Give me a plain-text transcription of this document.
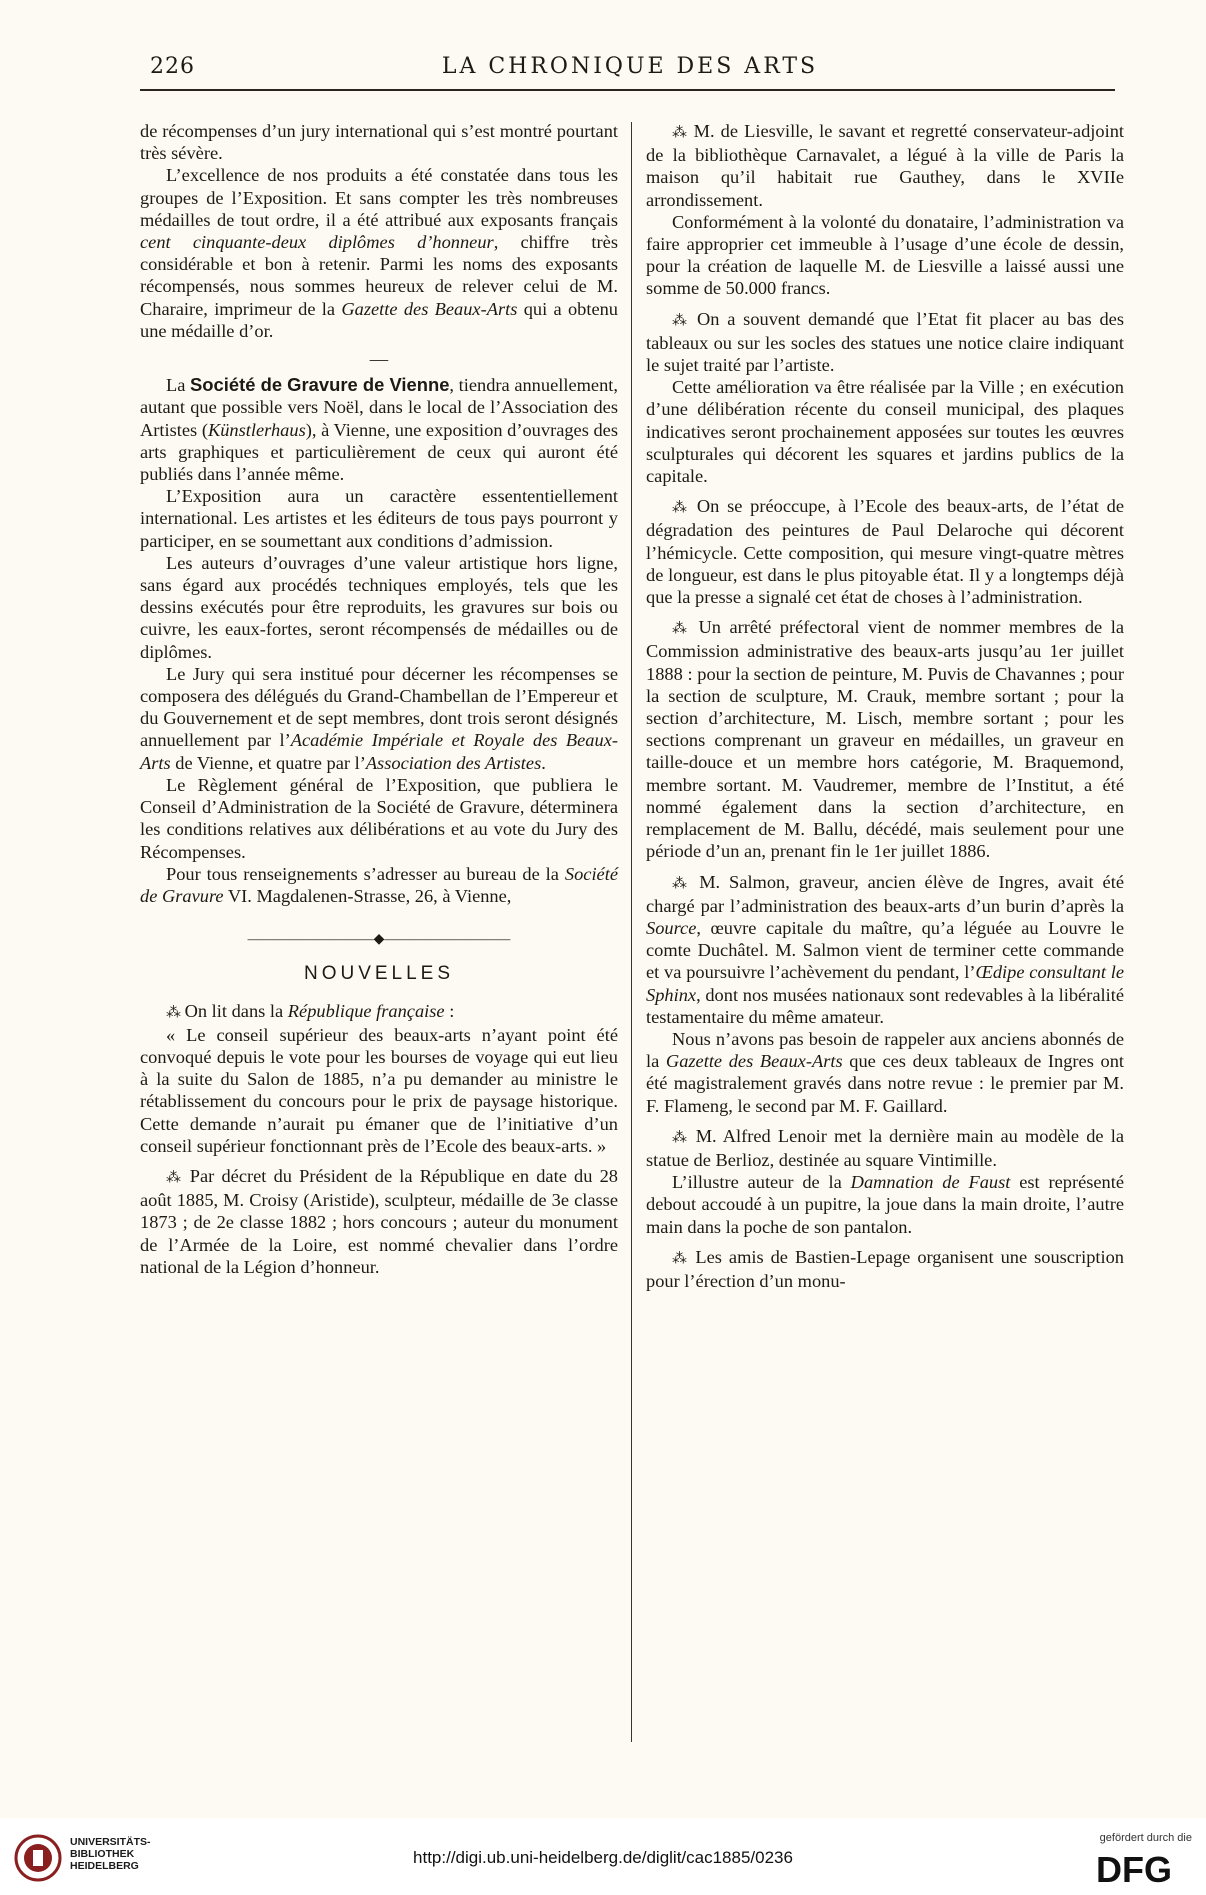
226	LA CHRONIQUE DES ARTS

de récompenses d’un jury international qui s’est montré pourtant très sévère.

L’excellence de nos produits a été constatée dans tous les groupes de l’Exposition. Et sans compter les très nombreuses médailles de tout ordre, il a été attribué aux exposants français cent cinquante-deux diplômes d’honneur, chiffre très considérable et bon à retenir. Parmi les noms des exposants récompensés, nous sommes heureux de relever celui de M. Charaire, imprimeur de la Gazette des Beaux-Arts qui a obtenu une médaille d’or.

—

La Société de Gravure de Vienne, tiendra annuellement, autant que possible vers Noël, dans le local de l’Association des Artistes (Künstlerhaus), à Vienne, une exposition d’ouvrages des arts graphiques et particulièrement de ceux qui auront été publiés dans l’année même.

L’Exposition aura un caractère essententiellement international. Les artistes et les éditeurs de tous pays pourront y participer, en se soumettant aux conditions d’admission.

Les auteurs d’ouvrages d’une valeur artistique hors ligne, sans égard aux procédés techniques employés, tels que les dessins exécutés pour être reproduits, les gravures sur bois ou cuivre, les eaux-fortes, seront récompensés de médailles ou de diplômes.

Le Jury qui sera institué pour décerner les récompenses se composera des délégués du Grand-Chambellan de l’Empereur et du Gouvernement et de sept membres, dont trois seront désignés annuellement par l’Académie Impériale et Royale des Beaux-Arts de Vienne, et quatre par l’Association des Artistes.

Le Règlement général de l’Exposition, que publiera le Conseil d’Administration de la Société de Gravure, déterminera les conditions relatives aux délibérations et au vote du Jury des Récompenses.

Pour tous renseignements s’adresser au bureau de la Société de Gravure VI. Magdalenen-Strasse, 26, à Vienne,

—————————◆—————————
NOUVELLES

⁂ On lit dans la République française :

« Le conseil supérieur des beaux-arts n’ayant point été convoqué depuis le vote pour les bourses de voyage qui eut lieu à la suite du Salon de 1885, n’a pu demander au ministre le rétablissement du concours pour le prix de paysage historique. Cette demande n’aurait pu émaner que de l’initiative d’un conseil supérieur fonctionnant près de l’Ecole des beaux-arts. »

⁂ Par décret du Président de la République en date du 28 août 1885, M. Croisy (Aristide), sculpteur, médaille de 3e classe 1873 ; de 2e classe 1882 ; hors concours ; auteur du monument de l’Armée de la Loire, est nommé chevalier dans l’ordre national de la Légion d’honneur.

⁂ M. de Liesville, le savant et regretté conservateur-adjoint de la bibliothèque Carnavalet, a légué à la ville de Paris la maison qu’il habitait rue Gauthey, dans le XVIIe arrondissement.

Conformément à la volonté du donataire, l’administration va faire approprier cet immeuble à l’usage d’une école de dessin, pour la création de laquelle M. de Liesville a laissé aussi une somme de 50.000 francs.

⁂ On a souvent demandé que l’Etat fit placer au bas des tableaux ou sur les socles des statues une notice claire indiquant le sujet traité par l’artiste.

Cette amélioration va être réalisée par la Ville ; en exécution d’une délibération récente du conseil municipal, des plaques indicatives seront prochainement apposées sur toutes les œuvres sculpturales qui décorent les squares et jardins publics de la capitale.

⁂ On se préoccupe, à l’Ecole des beaux-arts, de l’état de dégradation des peintures de Paul Delaroche qui décorent l’hémicycle. Cette composition, qui mesure vingt-quatre mètres de longueur, est dans le plus pitoyable état. Il y a longtemps déjà que la presse a signalé cet état de choses à l’administration.

⁂ Un arrêté préfectoral vient de nommer membres de la Commission administrative des beaux-arts jusqu’au 1er juillet 1888 : pour la section de peinture, M. Puvis de Chavannes ; pour la section de sculpture, M. Crauk, membre sortant ; pour la section d’architecture, M. Lisch, membre sortant ; pour les sections comprenant un graveur en médailles, un graveur en taille-douce et un membre hors catégorie, M. Braquemond, membre sortant. M. Vaudremer, membre de l’Institut, a été nommé également dans la section d’architecture, en remplacement de M. Ballu, décédé, mais seulement pour une période d’un an, prenant fin le 1er juillet 1886.

⁂ M. Salmon, graveur, ancien élève de Ingres, avait été chargé par l’administration des beaux-arts d’un burin d’après la Source, œuvre capitale du maître, qu’a léguée au Louvre le comte Duchâtel. M. Salmon vient de terminer cette commande et va poursuivre l’achèvement du pendant, l’Œdipe consultant le Sphinx, dont nos musées nationaux sont redevables à la libéralité testamentaire du même amateur.

Nous n’avons pas besoin de rappeler aux anciens abonnés de la Gazette des Beaux-Arts que ces deux tableaux de Ingres ont été magistralement gravés dans notre revue : le premier par M. F. Flameng, le second par M. F. Gaillard.

⁂ M. Alfred Lenoir met la dernière main au modèle de la statue de Berlioz, destinée au square Vintimille.

L’illustre auteur de la Damnation de Faust est représenté debout accoudé à un pupitre, la joue dans la main droite, l’autre main dans la poche de son pantalon.

⁂ Les amis de Bastien-Lepage organisent une souscription pour l’érection d’un monu-

UNIVERSITÄTS-
BIBLIOTHEK
HEIDELBERG	http://digi.ub.uni-heidelberg.de/diglit/cac1885/0236
gefördert durch die
DFG
